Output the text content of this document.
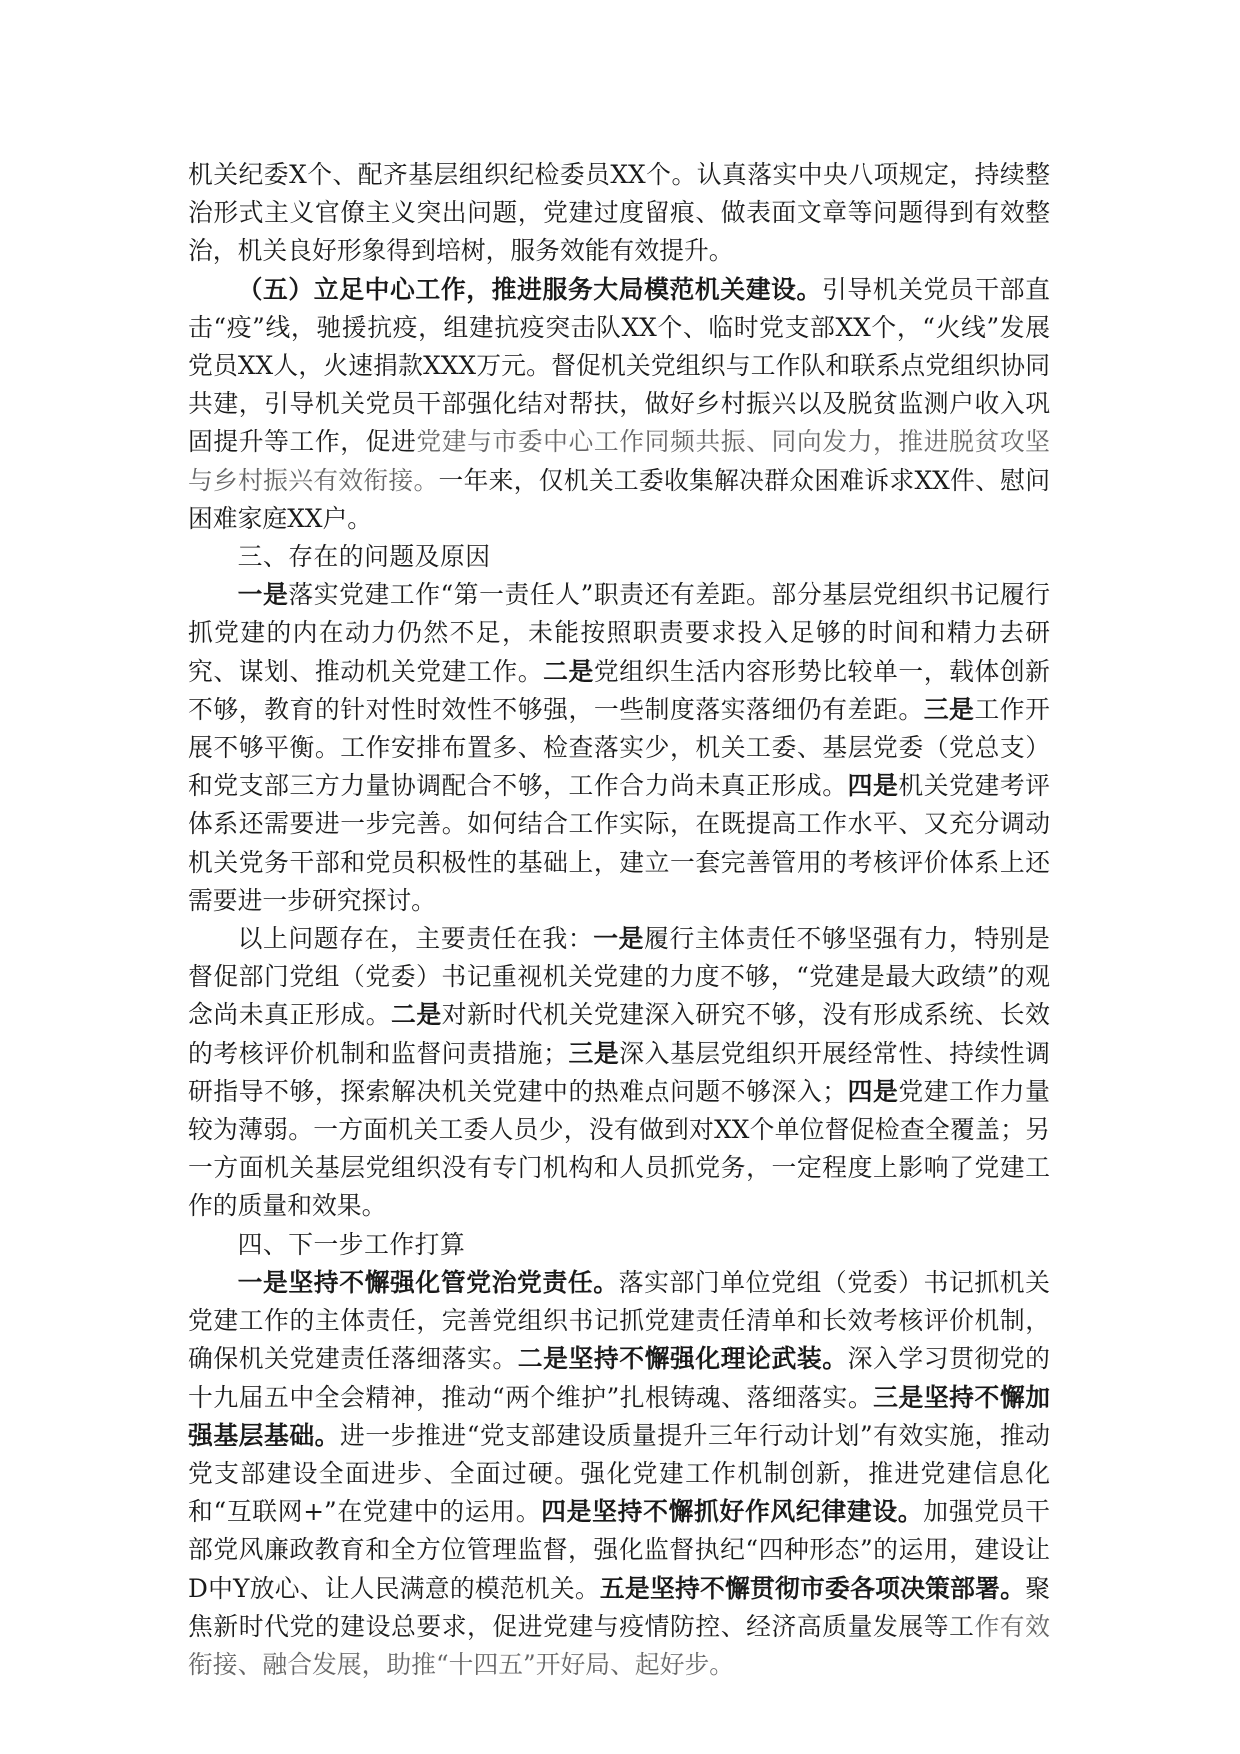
机关纪委X个、配齐基层组织纪检委员XX个。认真落实中央八项规定，持续整治形式主义官僚主义突出问题，党建过度留痕、做表面文章等问题得到有效整治，机关良好形象得到培树，服务效能有效提升。

（五）立足中心工作，推进服务大局模范机关建设。引导机关党员干部直击“疫”线，驰援抗疫，组建抗疫突击队XX个、临时党支部XX个，“火线”发展党员XX人，火速捐款XXX万元。督促机关党组织与工作队和联系点党组织协同共建，引导机关党员干部强化结对帮扶，做好乡村振兴以及脱贫监测户收入巩固提升等工作，促进党建与市委中心工作同频共振、同向发力，推进脱贫攻坚与乡村振兴有效衔接。一年来，仅机关工委收集解决群众困难诉求XX件、慰问困难家庭XX户。

三、存在的问题及原因

一是落实党建工作“第一责任人”职责还有差距。部分基层党组织书记履行抓党建的内在动力仍然不足，未能按照职责要求投入足够的时间和精力去研究、谋划、推动机关党建工作。二是党组织生活内容形势比较单一，载体创新不够，教育的针对性时效性不够强，一些制度落实落细仍有差距。三是工作开展不够平衡。工作安排布置多、检查落实少，机关工委、基层党委（党总支）和党支部三方力量协调配合不够，工作合力尚未真正形成。四是机关党建考评体系还需要进一步完善。如何结合工作实际，在既提高工作水平、又充分调动机关党务干部和党员积极性的基础上，建立一套完善管用的考核评价体系上还需要进一步研究探讨。

以上问题存在，主要责任在我：一是履行主体责任不够坚强有力，特别是督促部门党组（党委）书记重视机关党建的力度不够，“党建是最大政绩”的观念尚未真正形成。二是对新时代机关党建深入研究不够，没有形成系统、长效的考核评价机制和监督问责措施；三是深入基层党组织开展经常性、持续性调研指导不够，探索解决机关党建中的热难点问题不够深入；四是党建工作力量较为薄弱。一方面机关工委人员少，没有做到对XX个单位督促检查全覆盖；另一方面机关基层党组织没有专门机构和人员抓党务，一定程度上影响了党建工作的质量和效果。

四、下一步工作打算

一是坚持不懈强化管党治党责任。落实部门单位党组（党委）书记抓机关党建工作的主体责任，完善党组织书记抓党建责任清单和长效考核评价机制，确保机关党建责任落细落实。二是坚持不懈强化理论武装。深入学习贯彻党的十九届五中全会精神，推动“两个维护”扎根铸魂、落细落实。三是坚持不懈加强基层基础。进一步推进“党支部建设质量提升三年行动计划”有效实施，推动党支部建设全面进步、全面过硬。强化党建工作机制创新，推进党建信息化和“互联网+”在党建中的运用。四是坚持不懈抓好作风纪律建设。加强党员干部党风廉政教育和全方位管理监督，强化监督执纪“四种形态”的运用，建设让D中Y放心、让人民满意的模范机关。五是坚持不懈贯彻市委各项决策部署。聚焦新时代党的建设总要求，促进党建与疫情防控、经济高质量发展等工作有效衔接、融合发展，助推“十四五”开好局、起好步。
